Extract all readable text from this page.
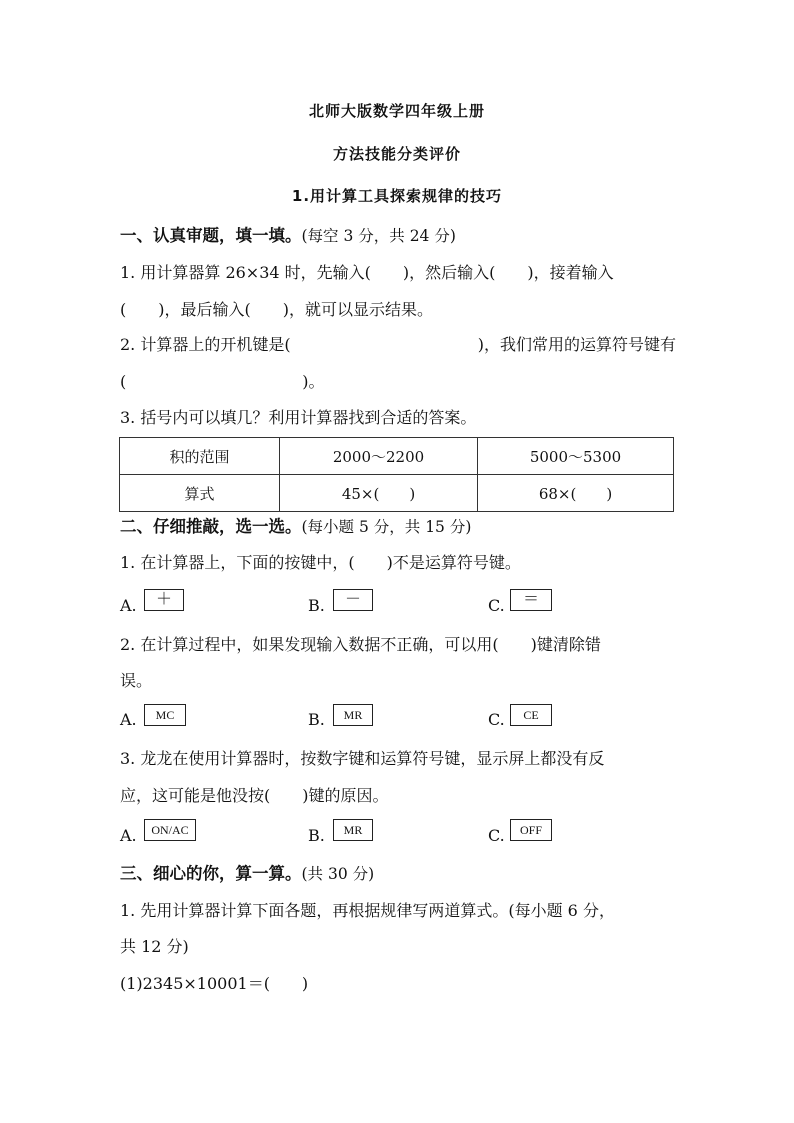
北师大版数学四年级上册
方法技能分类评价
1.用计算工具探索规律的技巧
一、认真审题，填一填。(每空 3 分，共 24 分)
1. 用计算器算 26×34 时，先输入(　　)，然后输入(　　)，接着输入
(　　)，最后输入(　　)，就可以显示结果。
2. 计算器上的开机键是(	)，我们常用的运算符号键有
(　　　　　　　　　　　)。
3. 括号内可以填几？利用计算器找到合适的答案。
积的范围	2000～2200	5000～5300
算式	45×(　　)	68×(　　)
二、仔细推敲，选一选。(每小题 5 分，共 15 分)
1. 在计算器上，下面的按键中，(　　)不是运算符号键。
A.	＋	B.	－	C.	＝
2. 在计算过程中，如果发现输入数据不正确，可以用(　　)键清除错
误。
A.	MC	B.	MR	C.	CE
3. 龙龙在使用计算器时，按数字键和运算符号键，显示屏上都没有反
应，这可能是他没按(　　)键的原因。
A.	ON/AC	B.	MR	C.	OFF
三、细心的你，算一算。(共 30 分)
1. 先用计算器计算下面各题，再根据规律写两道算式。(每小题 6 分，
共 12 分)
(1)2345×10001＝(　　)
